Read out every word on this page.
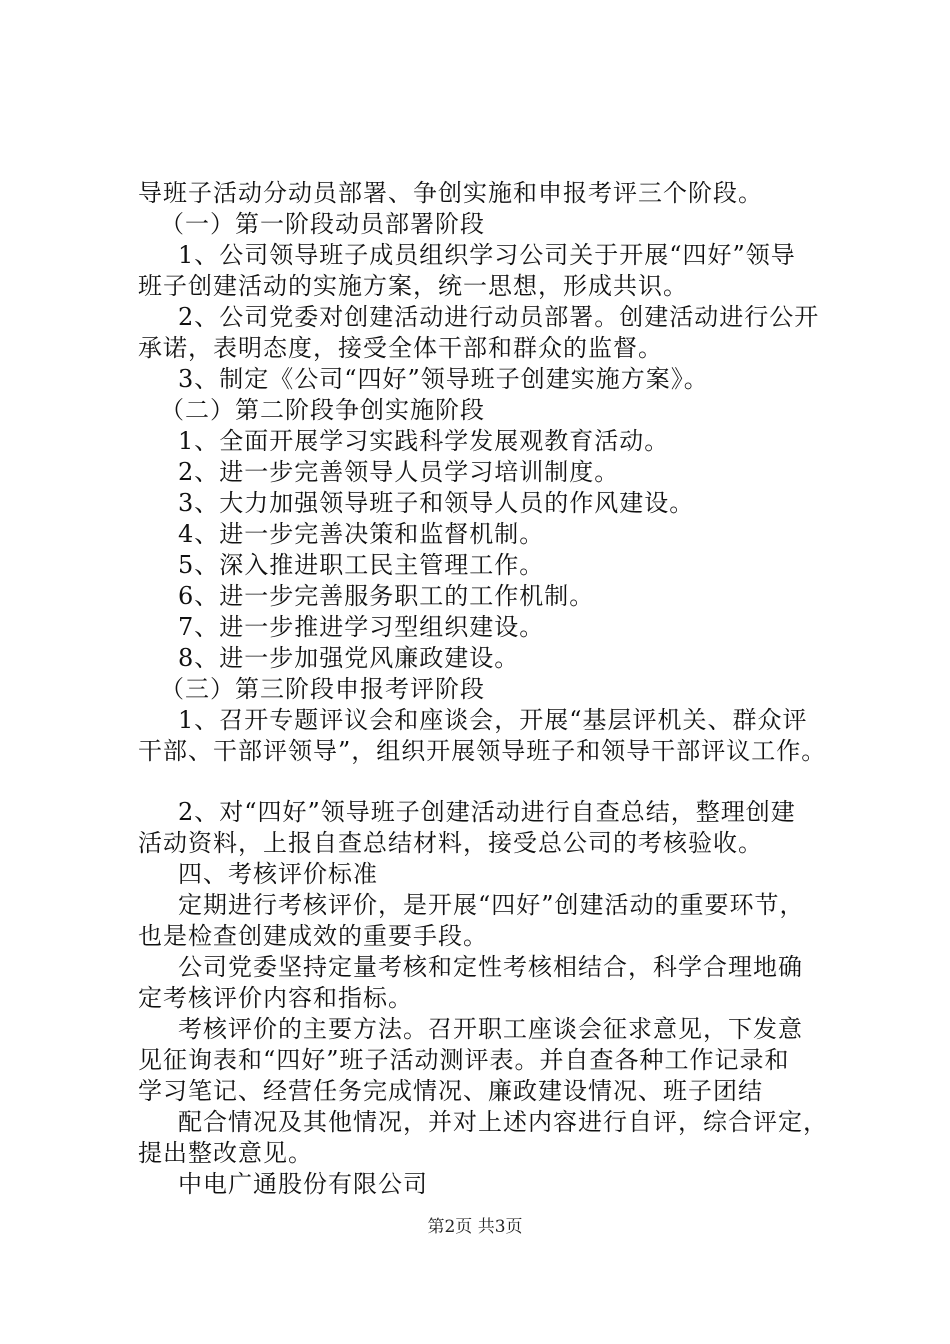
导班子活动分动员部署、争创实施和申报考评三个阶段。
（一）第一阶段动员部署阶段
1、公司领导班子成员组织学习公司关于开展“四好”领导
班子创建活动的实施方案，统一思想，形成共识。
2、公司党委对创建活动进行动员部署。创建活动进行公开
承诺，表明态度，接受全体干部和群众的监督。
3、制定《公司“四好”领导班子创建实施方案》。
（二）第二阶段争创实施阶段
1、全面开展学习实践科学发展观教育活动。
2、进一步完善领导人员学习培训制度。
3、大力加强领导班子和领导人员的作风建设。
4、进一步完善决策和监督机制。
5、深入推进职工民主管理工作。
6、进一步完善服务职工的工作机制。
7、进一步推进学习型组织建设。
8、进一步加强党风廉政建设。
（三）第三阶段申报考评阶段
1、召开专题评议会和座谈会，开展“基层评机关、群众评
干部、干部评领导”，组织开展领导班子和领导干部评议工作。
2、对“四好”领导班子创建活动进行自查总结，整理创建
活动资料，上报自查总结材料，接受总公司的考核验收。
四、考核评价标准
定期进行考核评价，是开展“四好”创建活动的重要环节，
也是检查创建成效的重要手段。
公司党委坚持定量考核和定性考核相结合，科学合理地确
定考核评价内容和指标。
考核评价的主要方法。召开职工座谈会征求意见，下发意
见征询表和“四好”班子活动测评表。并自查各种工作记录和
学习笔记、经营任务完成情况、廉政建设情况、班子团结
配合情况及其他情况，并对上述内容进行自评，综合评定，
提出整改意见。
中电广通股份有限公司
第2页 共3页
